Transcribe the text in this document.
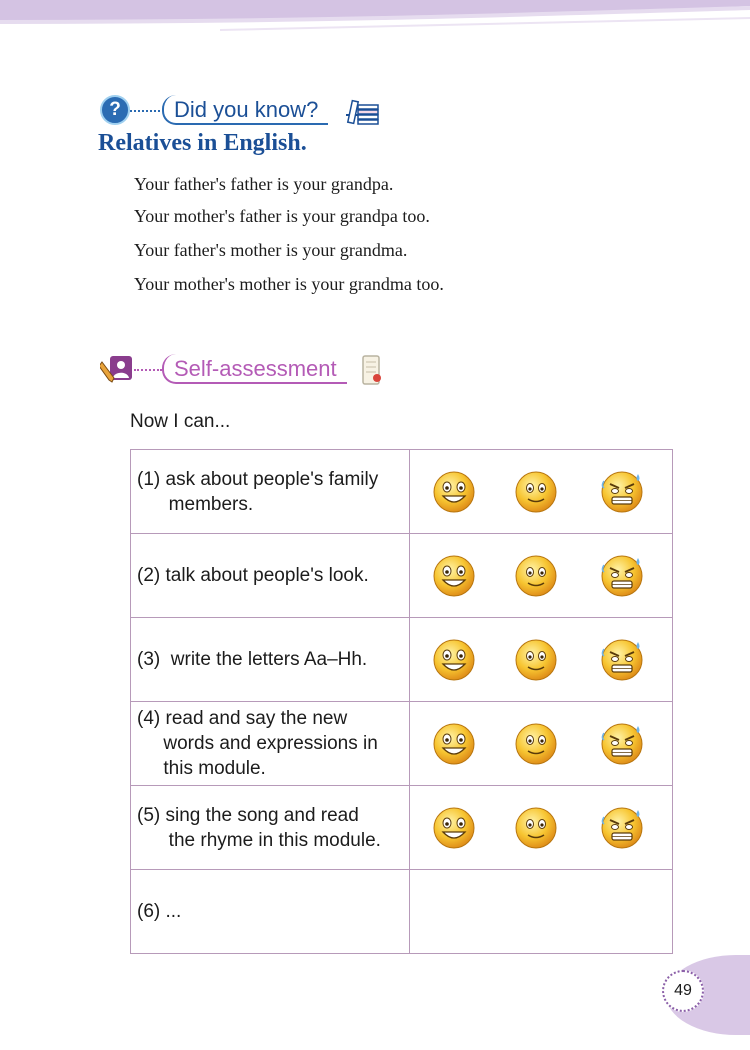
?	Did you know?
Relatives in English.
Your father's father is your grandpa.
Your mother's father is your grandpa too.
Your father's mother is your grandma.
Your mother's mother is your grandma too.
Self-assessment
Now I can...
(1) ask about people's family
members.

(2) talk about people's look.

(3)  write the letters Aa–Hh.

(4) read and say the new
words and expressions in
this module.

(5) sing the song and read
the rhyme in this module.

(6) ...	

49
